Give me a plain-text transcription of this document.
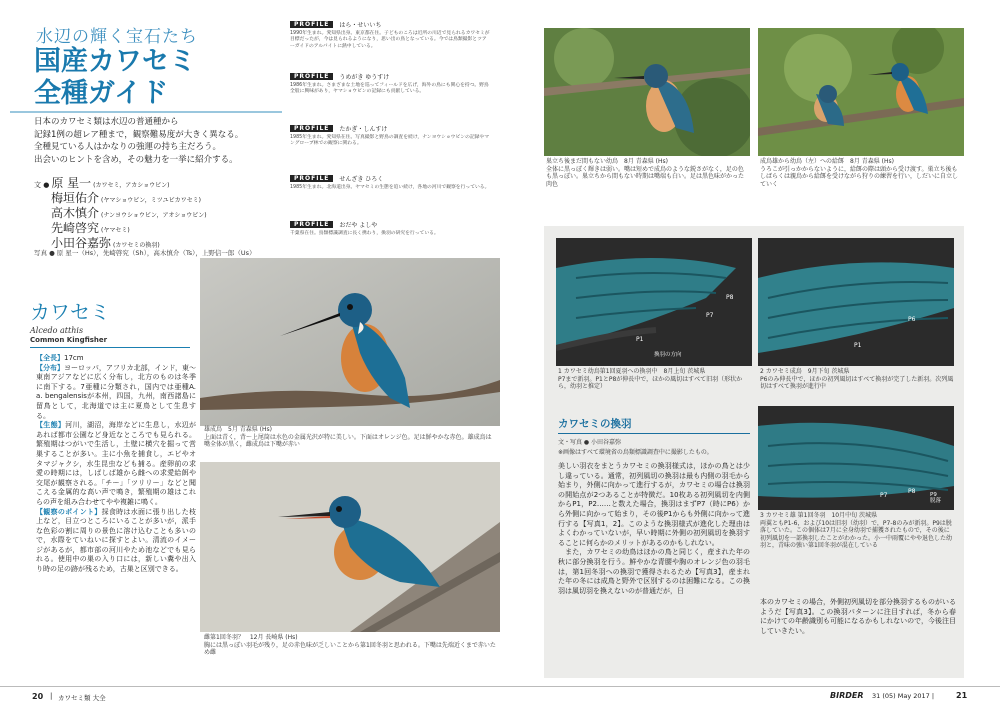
水辺の輝く宝石たち
国産カワセミ
全種ガイド
日本のカワセミ類は水辺の普通種から
記録1例の超レア種まで，観察難易度が大きく異なる。
全種見ている人はかなりの強運の持ち主だろう。
出会いのヒントを含め，その魅力を一挙に紹介する。
文 ● 原 星一 (カワセミ，アカショウビン)
梅垣佑介 (ヤマショウビン，ミツユビカワセミ)
高木慎介 (ナンヨウショウビン，アオショウビン)
先崎啓究 (ヤマセミ)
小田谷嘉弥 (カワセミの換羽)
写真 ● 原 星一（Hs），先崎啓究（Sh），高木慎介（Ts），上野信一郎（Us）
PROFILE	はら・せいいち
1990年生まれ。愛知県出身。東京都在住。子どものころは近所の川辺で見られるカワセミが目標だったが，今は見られるようになり，思い出の鳥となっている。今では鳥類撮影とツアーガイドのアルバイトに熱中している。
PROFILE	うめがき ゆうすけ
1986年生まれ。さまざまな土地を巡ってフィールドを広げ，海外の鳥にも関心を持つ。野鳥全般に興味があり，ヤマショウビンの記録にも貢献している。
PROFILE	たかぎ・しんすけ
1985年生まれ。愛知県在住。写真撮影と野鳥の調査を続け，ナンヨウショウビンの記録やマングローブ林での観察に関わる。
PROFILE	せんざき ひろく
1985年生まれ。北海道出身。ヤマセミの生態を追い続け，各地の河川で観察を行っている。
PROFILE	おだや よしや
千葉県在住。鳥類標識調査に長く携わり，換羽の研究を行っている。
カワセミ
Alcedo atthis
Common Kingfisher
【全長】17cm
【分布】ヨーロッパ，アフリカ北部，インド，東～東南アジアなどに広く分布し，北方のものは冬季に南下する。7亜種に分類され，国内では亜種A. a. bengalensisが本州，四国，九州，南西諸島に留鳥として，北海道では主に夏鳥として生息する。
【生態】河川，湖沼，海岸などに生息し，水辺があれば都市公園など身近なところでも見られる。繁殖期はつがいで生活し，土壁に横穴を掘って営巣することが多い。主に小魚を捕食し，エビやオタマジャクシ，水生昆虫なども捕る。産卵前の求愛の時期には，しばしば雄から雌への求愛給餌や交尾が観察される。「チー」「ツリリー」などと聞こえる金属的な高い声で鳴き，繁殖期の雄はこれらの声を組み合わせてやや複雑に鳴く。
【観察のポイント】採食時は水面に張り出した枝上など，目立つところにいることが多いが，派手な色彩の割に周りの景色に溶け込むことも多いので，水際をていねいに探すとよい。清流のイメージがあるが，都市部の河川やため池などでも見られる。使用中の巣の入り口には，新しい糞や出入り時の足の跡が残るため，古巣と区別できる。
雄成鳥　5月 青森県 (Hs)
上面は青く，背～上尾筒は水色の金属光沢が特に美しい。下面はオレンジ色。足は鮮やかな赤色。雄成鳥は嘴全体が黒く，雌成鳥は下嘴が赤い
雌第1回冬羽？　12月 長崎県 (Hs)
胸には黒っぽい羽毛が残り，足の赤色味が乏しいことから第1回冬羽と思われる。下嘴は先端近くまで赤いため雌
20 | カワセミ類 大全
巣立ち後まだ間もない幼鳥　8月 青森県 (Hs)
全体に黒っぽく輝きは弱い。嘴は短めで成鳥のような鋭さがなく，足の色も黒っぽい。巣立ちから間もない時期は嘴端も白い。足は黒色味がかった肉色
成鳥雄から幼鳥（左）への給餌　8月 青森県 (Hs)
うろこが引っかからないように，給餌の際は頭から受け渡す。巣立ち後もしばらくは親鳥から給餌を受けながら狩りの練習を行い，しだいに自立していく
P1
P7
P8
換羽の方向
P6
P1
1 カワセミ幼鳥第1回夏羽への換羽中　8月上旬 茨城県
P7まで新羽。P1とP8が伸長中で，ほかの風切はすべて旧羽（形状から，幼羽と推定）
2 カワセミ成鳥　9月下旬 茨城県
P6のみ伸長中で，ほかの初列風切はすべて換羽が完了した新羽。次列風切はすべて換羽が進行中
P7
P8	P9
脱落
3 カワセミ雄 第1回冬羽　10月中旬 茨城県
両翼ともP1-6，および10は旧羽（幼羽）で，P7-8のみが新羽。P9は脱落していた。この個体は7月に全身幼羽で捕獲されたもので，その後に初列風切を一部換羽したことがわかった。小一中雨覆にやや退色した幼羽と，青味の強い第1回冬羽が混在している
カワセミの換羽
文・写真 ● 小田谷嘉弥
※画像はすべて環境省の鳥類標識調査中に撮影したもの。
美しい羽衣をまとうカワセミの換羽様式は，ほかの鳥とは少し違っている。通常，初列風切の換羽は最も内側の羽毛から始まり，外側に向かって進行するが，カワセミの場合は換羽の開始点が2つあることが特徴だ。10枚ある初列風切を内側からP1，P2……と数えた場合，換羽はまずP7（時にP6）から外側に向かって始まり，その後P1からも外側に向かって進行する【写真1，2】。このような換羽様式が進化した理由はよくわかっていないが，早い時期に外側の初列風切を換羽することに何らかのメリットがあるのかもしれない。
　また，カワセミの幼鳥はほかの鳥と同じく，産まれた年の秋に部分換羽を行う。鮮やかな青腰や胸のオレンジ色の羽毛は，第1回冬羽への換羽で獲得されるため【写真3】，産まれた年の冬には成鳥と野外で区別するのは困難になる。この換羽は風切羽を換えないのが普通だが，日
本のカワセミの場合，外側初列風切を部分換羽するものがいるようだ【写真3】。この換羽パターンに注目すれば，冬から春にかけての年齢識別も可能になるかもしれないので，今後注目していきたい。
BIRDER 31 (05) May 2017 |	21
